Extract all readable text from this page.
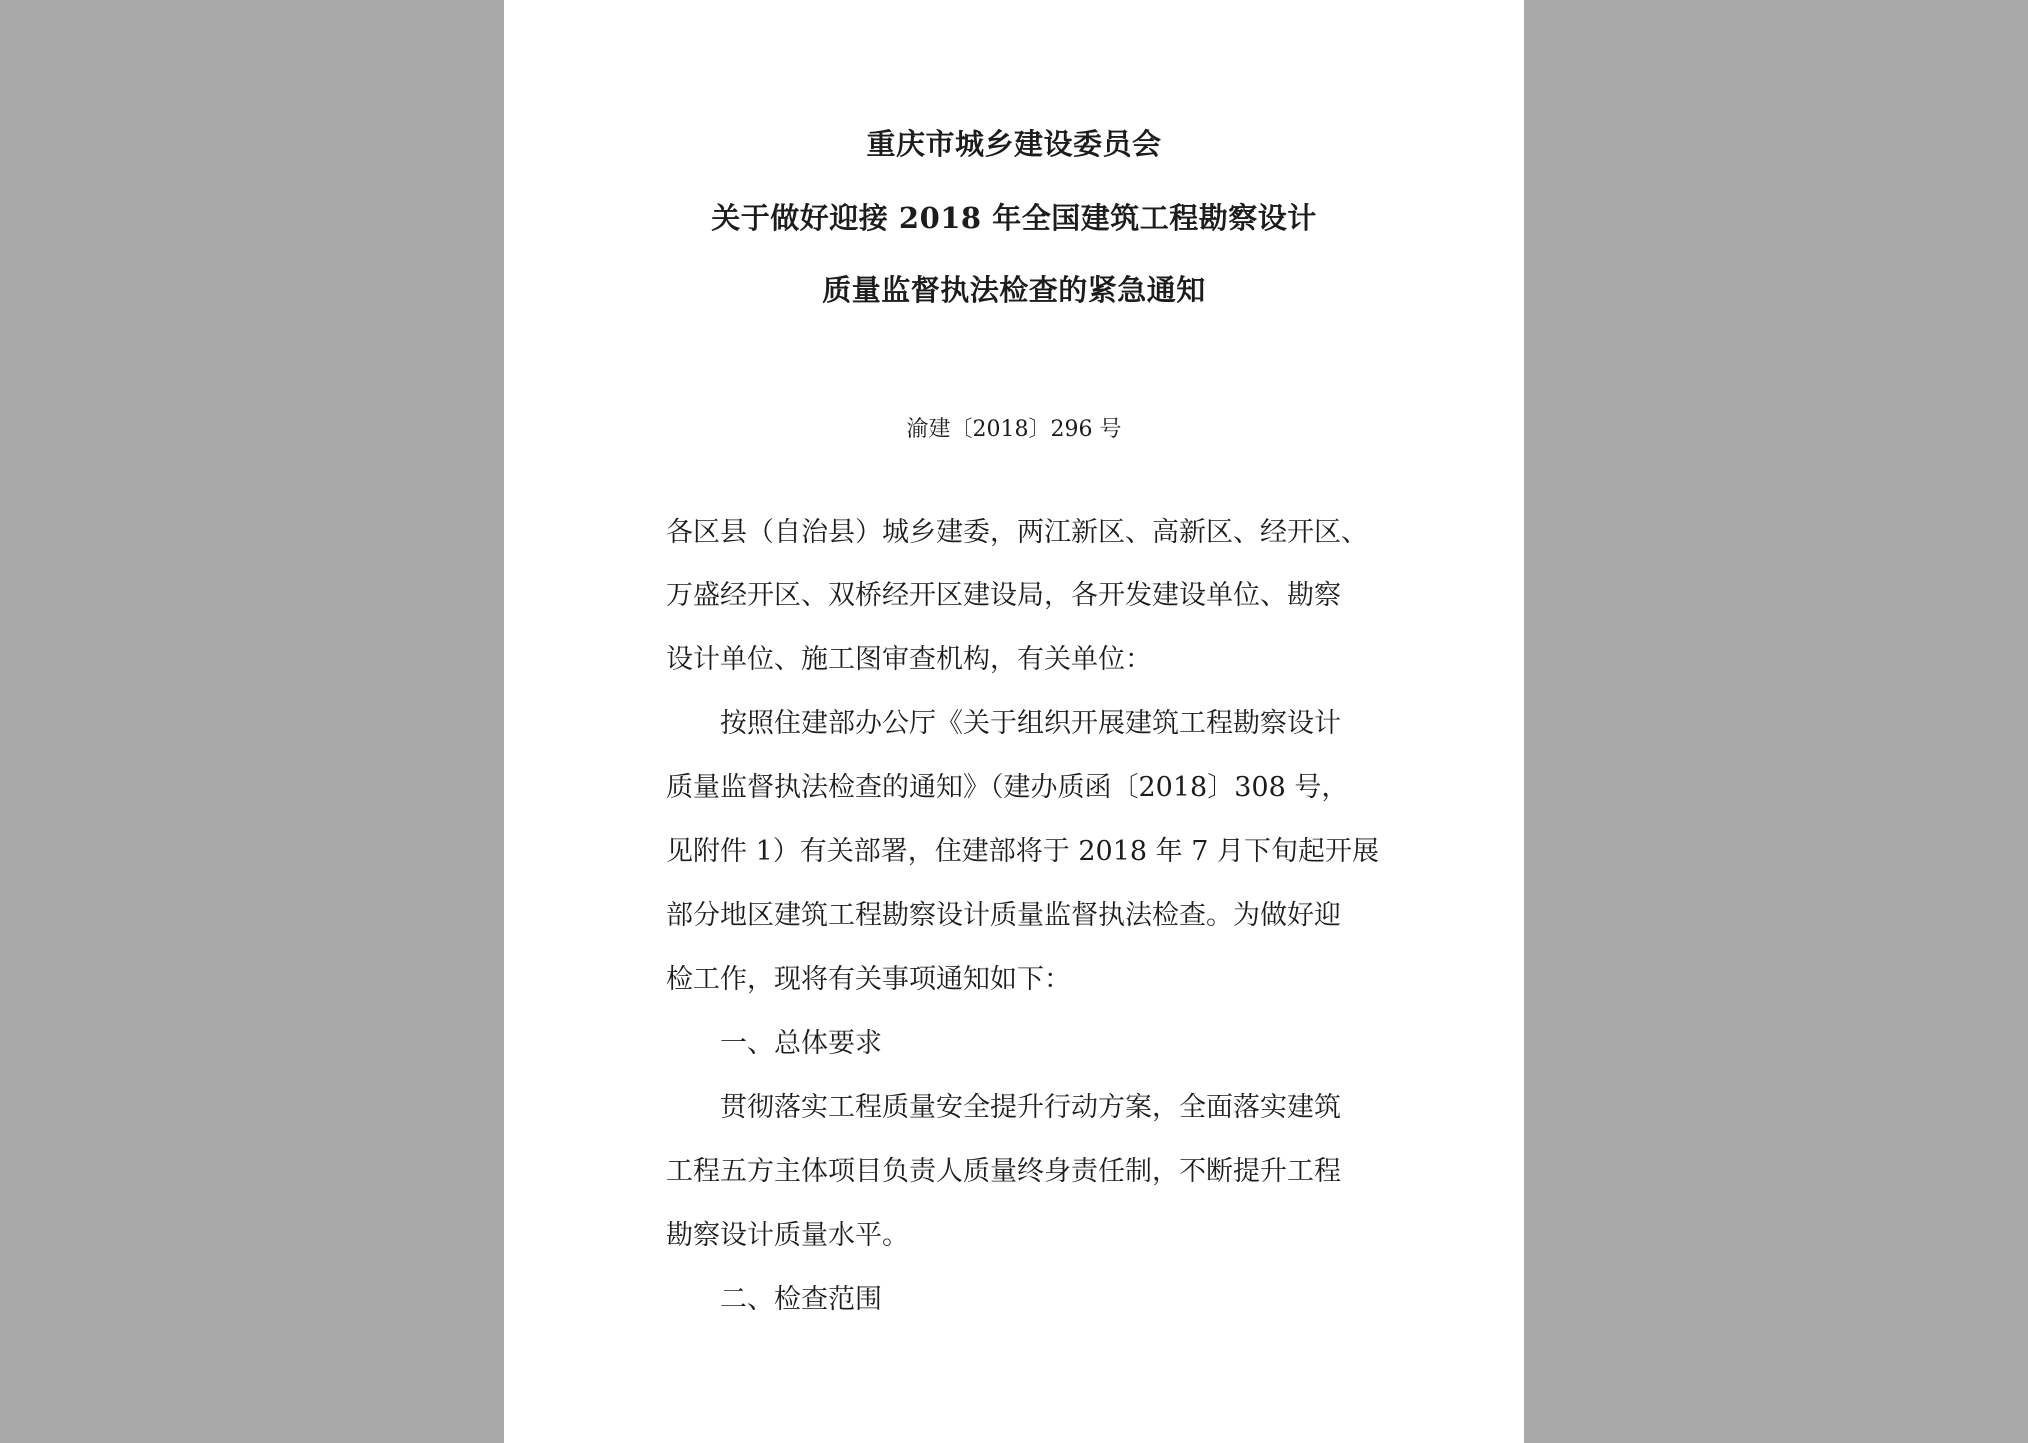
重庆市城乡建设委员会
关于做好迎接 2018 年全国建筑工程勘察设计
质量监督执法检查的紧急通知
渝建〔2018〕296 号
各区县（自治县）城乡建委，两江新区、高新区、经开区、
万盛经开区、双桥经开区建设局，各开发建设单位、勘察
设计单位、施工图审查机构，有关单位：
按照住建部办公厅《关于组织开展建筑工程勘察设计
质量监督执法检查的通知》（建办质函〔2018〕308 号，
见附件 1）有关部署，住建部将于 2018 年 7 月下旬起开展
部分地区建筑工程勘察设计质量监督执法检查。为做好迎
检工作，现将有关事项通知如下：
一、总体要求
贯彻落实工程质量安全提升行动方案，全面落实建筑
工程五方主体项目负责人质量终身责任制，不断提升工程
勘察设计质量水平。
二、检查范围
